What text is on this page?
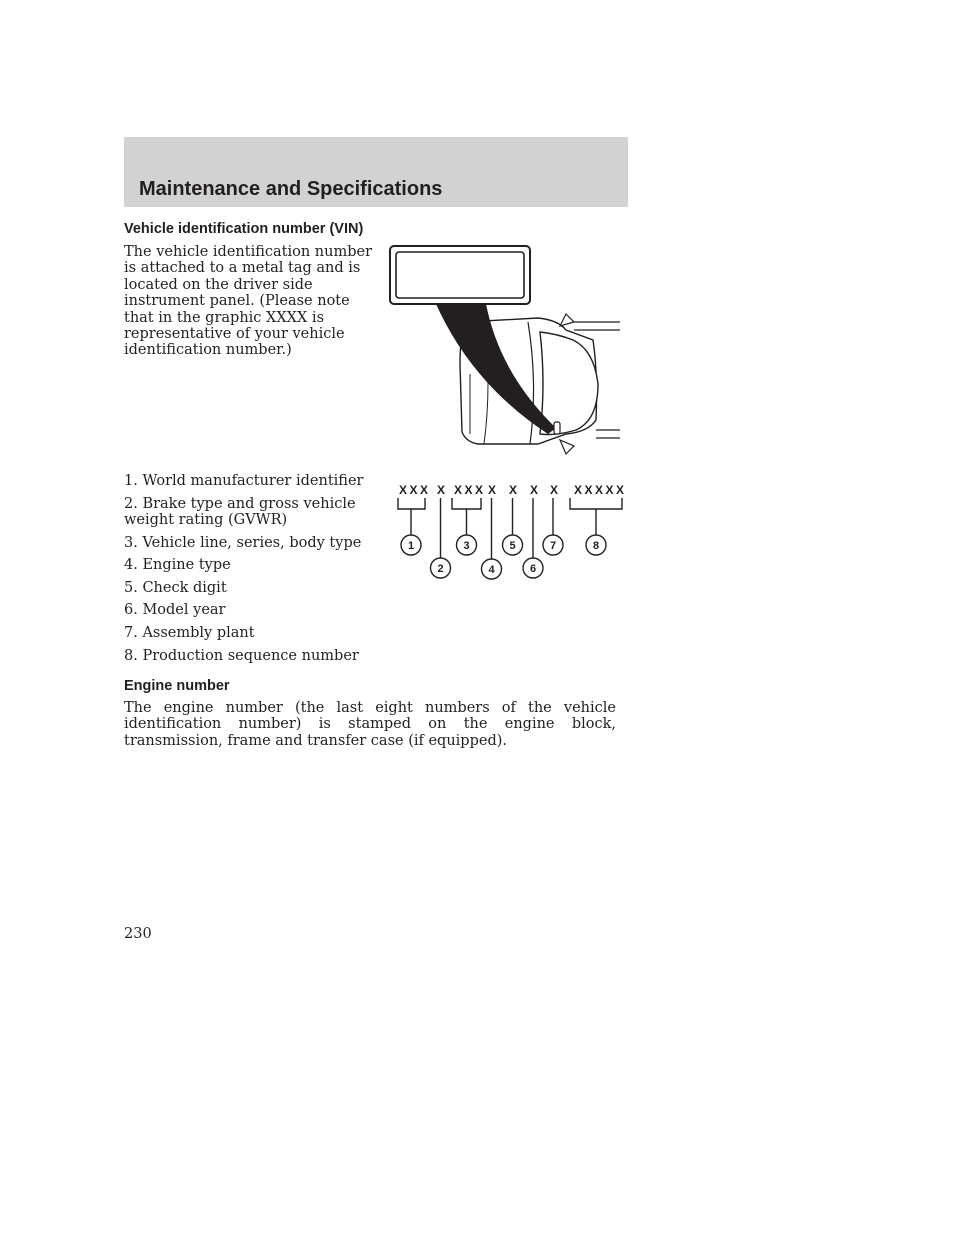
Maintenance and Specifications
Vehicle identification number (VIN)

The vehicle identification number is attached to a metal tag and is located on the driver side instrument panel. (Please note that in the graphic XXXX is representative of your vehicle identification number.)

1. World manufacturer identifier
2. Brake type and gross vehicle weight rating (GVWR)
3. Vehicle line, series, body type
4. Engine type
5. Check digit
6. Model year
7. Assembly plant
8. Production sequence number
XXX X XXX X X X X XXXXX
1
2
3
4
5
6
7	8
Engine number

The engine number (the last eight numbers of the vehicle identification number) is stamped on the engine block, transmission, frame and transfer case (if equipped).

230
